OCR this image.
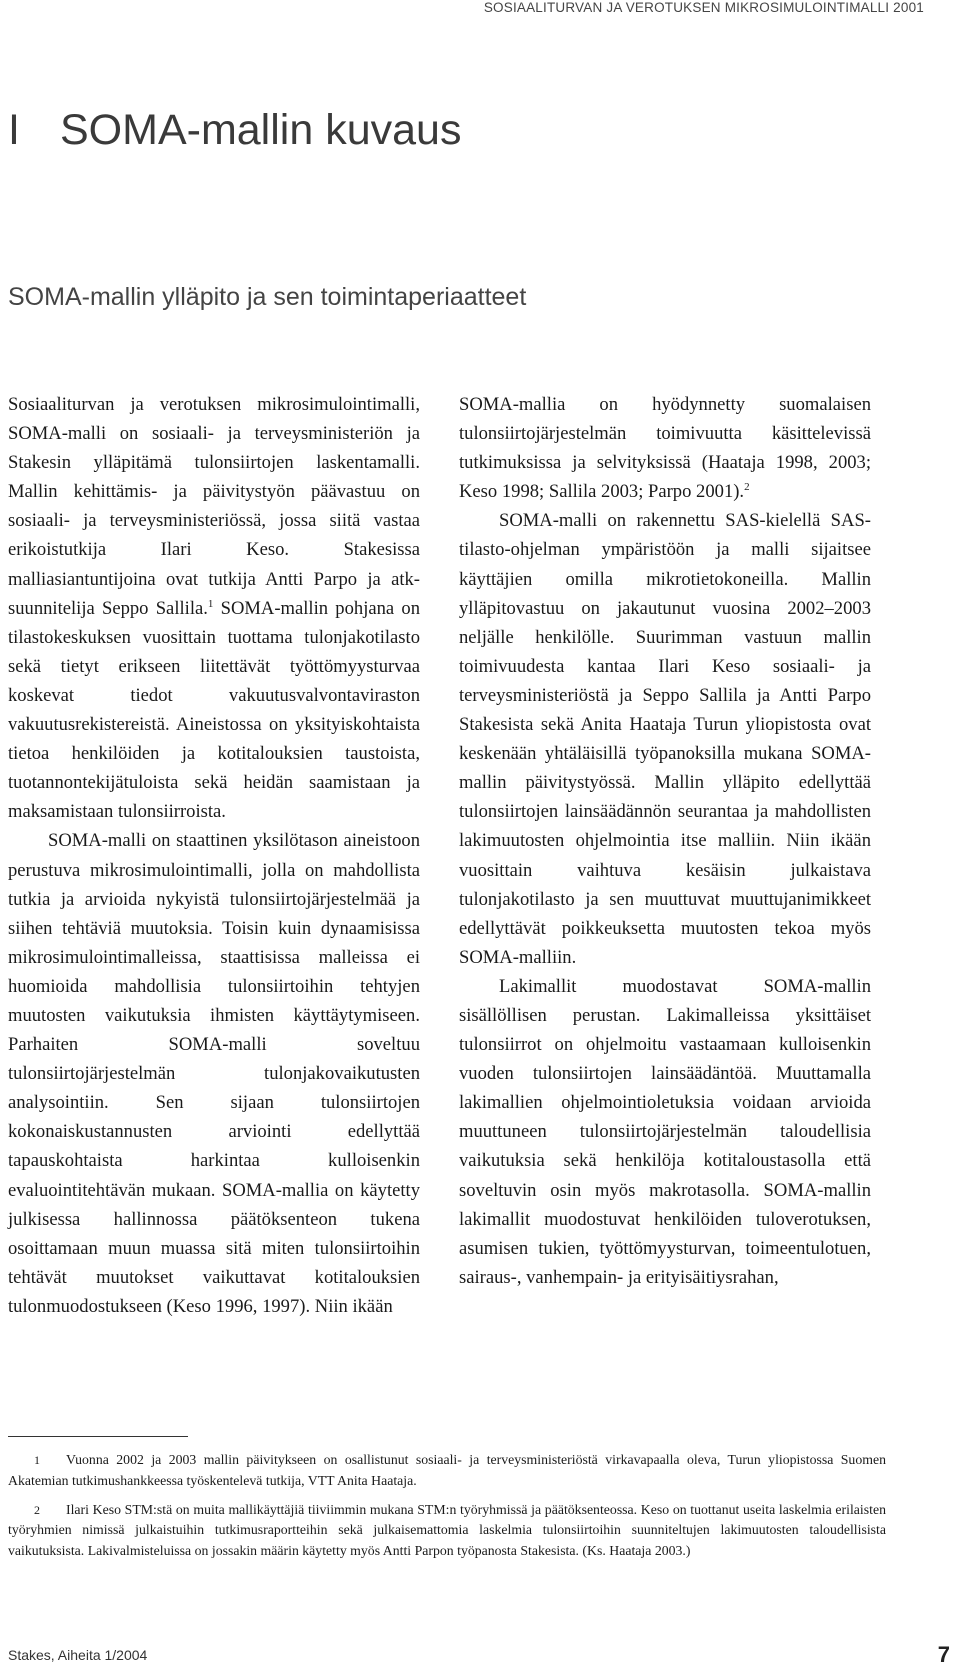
SOSIAALITURVAN JA VEROTUKSEN MIKROSIMULOINTIMALLI 2001
I SOMA-mallin kuvaus
SOMA-mallin ylläpito ja sen toimintaperiaatteet

Sosiaaliturvan ja verotuksen mikrosimulointimalli, SOMA-malli on sosiaali- ja terveysministeriön ja Stakesin ylläpitämä tulonsiirtojen laskentamalli. Mallin kehittämis- ja päivitystyön päävastuu on sosiaali- ja terveysministeriössä, jossa siitä vastaa erikoistutkija Ilari Keso. Stakesissa malliasiantuntijoina ovat tutkija Antti Parpo ja atk-suunnitelija Seppo Sallila.$^1$ SOMA-mallin pohjana on tilastokeskuksen vuosittain tuottama tulonjakotilasto sekä tietyt erikseen liitettävät työttömyysturvaa koskevat tiedot vakuutusvalvontaviraston vakuutusrekistereistä. Aineistossa on yksityiskohtaista tietoa henkilöiden ja kotitalouksien taustoista, tuotannontekijätuloista sekä heidän saamistaan ja maksamistaan tulonsiirroista.

SOMA-malli on staattinen yksilötason aineistoon perustuva mikrosimulointimalli, jolla on mahdollista tutkia ja arvioida nykyistä tulonsiirtojärjestelmää ja siihen tehtäviä muutoksia. Toisin kuin dynaamisissa mikrosimulointimalleissa, staattisissa malleissa ei huomioida mahdollisia tulonsiirtoihin tehtyjen muutosten vaikutuksia ihmisten käyttäytymiseen. Parhaiten SOMA-malli soveltuu tulonsiirtojärjestelmän tulonjakovaikutusten analysointiin. Sen sijaan tulonsiirtojen kokonaiskustannusten arviointi edellyttää tapauskohtaista harkintaa kulloisenkin evaluointitehtävän mukaan. SOMA-mallia on käytetty julkisessa hallinnossa päätöksenteon tukena osoittamaan muun muassa sitä miten tulonsiirtoihin tehtävät muutokset vaikuttavat kotitalouksien tulonmuodostukseen (Keso 1996, 1997). Niin ikään

SOMA-mallia on hyödynnetty suomalaisen tulonsiirtojärjestelmän toimivuutta käsittelevissä tutkimuksissa ja selvityksissä (Haataja 1998, 2003; Keso 1998; Sallila 2003; Parpo 2001).$^2$

SOMA-malli on rakennettu SAS-kielellä SAS-tilasto-ohjelman ympäristöön ja malli sijaitsee käyttäjien omilla mikrotietokoneilla. Mallin ylläpitovastuu on jakautunut vuosina 2002–2003 neljälle henkilölle. Suurimman vastuun mallin toimivuudesta kantaa Ilari Keso sosiaali- ja terveysministeriöstä ja Seppo Sallila ja Antti Parpo Stakesista sekä Anita Haataja Turun yliopistosta ovat keskenään yhtäläisillä työpanoksilla mukana SOMA-mallin päivitystyössä. Mallin ylläpito edellyttää tulonsiirtojen lainsäädännön seurantaa ja mahdollisten lakimuutosten ohjelmointia itse malliin. Niin ikään vuosittain vaihtuva kesäisin julkaistava tulonjakotilasto ja sen muuttuvat muuttujanimikkeet edellyttävät poikkeuksetta muutosten tekoa myös SOMA-malliin.

Lakimallit muodostavat SOMA-mallin sisällöllisen perustan. Lakimalleissa yksittäiset tulonsiirrot on ohjelmoitu vastaamaan kulloisenkin vuoden tulonsiirtojen lainsäädäntöä. Muuttamalla lakimallien ohjelmointioletuksia voidaan arvioida muuttuneen tulonsiirtojärjestelmän taloudellisia vaikutuksia sekä henkilöja kotitaloustasolla että soveltuvin osin myös makrotasolla. SOMA-mallin lakimallit muodostuvat henkilöiden tuloverotuksen, asumisen tukien, työttömyysturvan, toimeentulotuen, sairaus-, vanhempain- ja erityisäitiysrahan,

1 Vuonna 2002 ja 2003 mallin päivitykseen on osallistunut sosiaali- ja terveysministeriöstä virkavapaalla oleva, Turun yliopistossa Suomen Akatemian tutkimushankkeessa työskentelevä tutkija, VTT Anita Haataja.

2 Ilari Keso STM:stä on muita mallikäyttäjiä tiiviimmin mukana STM:n työryhmissä ja päätöksenteossa. Keso on tuottanut useita laskelmia erilaisten työryhmien nimissä julkaistuihin tutkimusraportteihin sekä julkaisemattomia laskelmia tulonsiirtoihin suunniteltujen lakimuutosten taloudellisista vaikutuksista. Lakivalmisteluissa on jossakin määrin käytetty myös Antti Parpon työpanosta Stakesista. (Ks. Haataja 2003.)

Stakes, Aiheita 1/2004	7
